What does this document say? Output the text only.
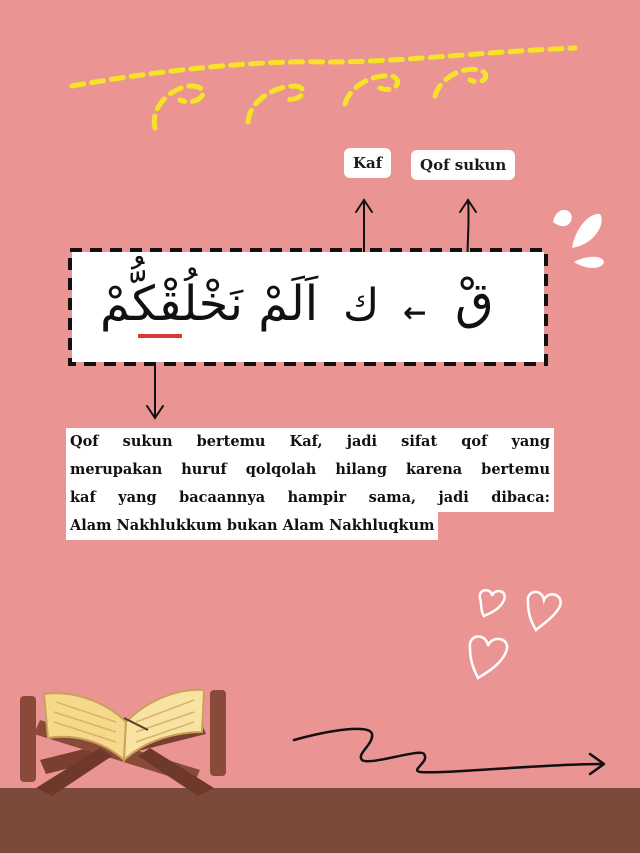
Kaf	Qof sukun
قْ
←
ك
اَلَمْ نَخْلُقْكُّمْ
Qof sukun bertemu Kaf, jadi sifat qof yang
merupakan huruf qolqolah hilang karena bertemu
kaf yang bacaannya hampir sama, jadi dibaca:
Alam Nakhlukkum bukan Alam Nakhluqkum
